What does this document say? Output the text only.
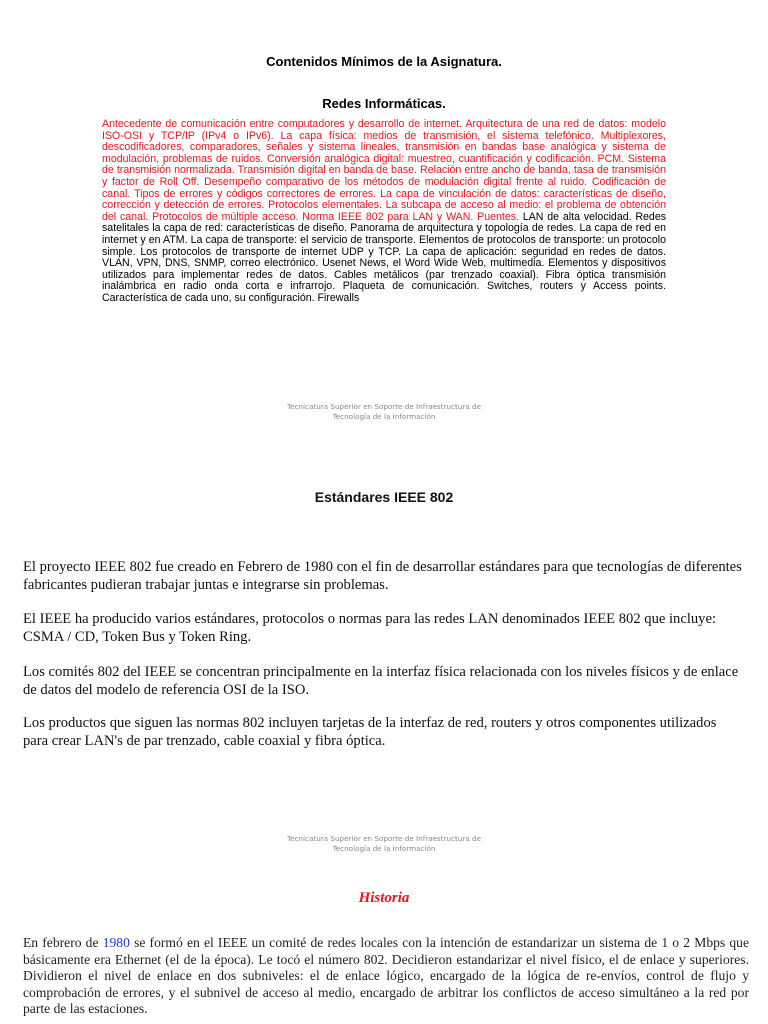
Contenidos Mínimos de la Asignatura.
Redes Informáticas.

Antecedente de comunicación entre computadores y desarrollo de internet. Arquitectura de una red de datos: modelo ISO-OSI y TCP/IP (IPv4 o IPv6). La capa física: medios de transmisión, el sistema telefónico. Multiplexores, descodificadores, comparadores, señales y sistema lineales, transmisión en bandas base analógica y sistema de modulación, problemas de ruidos. Conversión analógica digital: muestreo, cuantificación y codificación. PCM. Sistema de transmisión normalizada. Transmisión digital en banda de base. Relación entre ancho de banda, tasa de transmisión y factor de Roll Off. Desempeño comparativo de los métodos de modulación digital frente al ruido. Codificación de canal. Tipos de errores y códigos correctores de errores. La capa de vinculación de datos: características de diseño, corrección y detección de errores. Protocolos elementales. La subcapa de acceso al medio: el problema de obtención del canal. Protocolos de múltiple acceso. Norma IEEE 802 para LAN y WAN. Puentes. LAN de alta velocidad. Redes satelitales la capa de red: características de diseño. Panorama de arquitectura y topología de redes. La capa de red en internet y en ATM. La capa de transporte: el servicio de transporte. Elementos de protocolos de transporte: un protocolo simple. Los protocolos de transporte de internet UDP y TCP. La capa de aplicación: seguridad en redes de datos. VLAN, VPN, DNS, SNMP, correo electrónico. Usenet News, el Word Wide Web, multimedia. Elementos y dispositivos utilizados para implementar redes de datos. Cables metálicos (par trenzado coaxial). Fibra óptica transmisión inalámbrica en radio onda corta e infrarrojo. Plaqueta de comunicación. Switches, routers y Access points. Característica de cada uno, su configuración. Firewalls

Tecnicatura Superior en Soporte de Infraestructura de
Tecnología de la Información
Estándares IEEE 802

El proyecto IEEE 802 fue creado en Febrero de 1980 con el fin de desarrollar estándares para que tecnologías de diferentes fabricantes pudieran trabajar juntas e integrarse sin problemas.

El IEEE ha producido varios estándares, protocolos o normas para las redes LAN denominados IEEE 802 que incluye: CSMA / CD, Token Bus y Token Ring.

Los comités 802 del IEEE se concentran principalmente en la interfaz física relacionada con los niveles físicos y de enlace de datos del modelo de referencia OSI de la ISO.

Los productos que siguen las normas 802 incluyen tarjetas de la interfaz de red, routers y otros componentes utilizados para crear LAN's de par trenzado, cable coaxial y fibra óptica.

Tecnicatura Superior en Soporte de Infraestructura de
Tecnología de la Información
Historia

En febrero de 1980 se formó en el IEEE un comité de redes locales con la intención de estandarizar un sistema de 1 o 2 Mbps que básicamente era Ethernet (el de la época). Le tocó el número 802. Decidieron estandarizar el nivel físico, el de enlace y superiores. Dividieron el nivel de enlace en dos subniveles: el de enlace lógico, encargado de la lógica de re-envíos, control de flujo y comprobación de errores, y el subnivel de acceso al medio, encargado de arbitrar los conflictos de acceso simultáneo a la red por parte de las estaciones.
